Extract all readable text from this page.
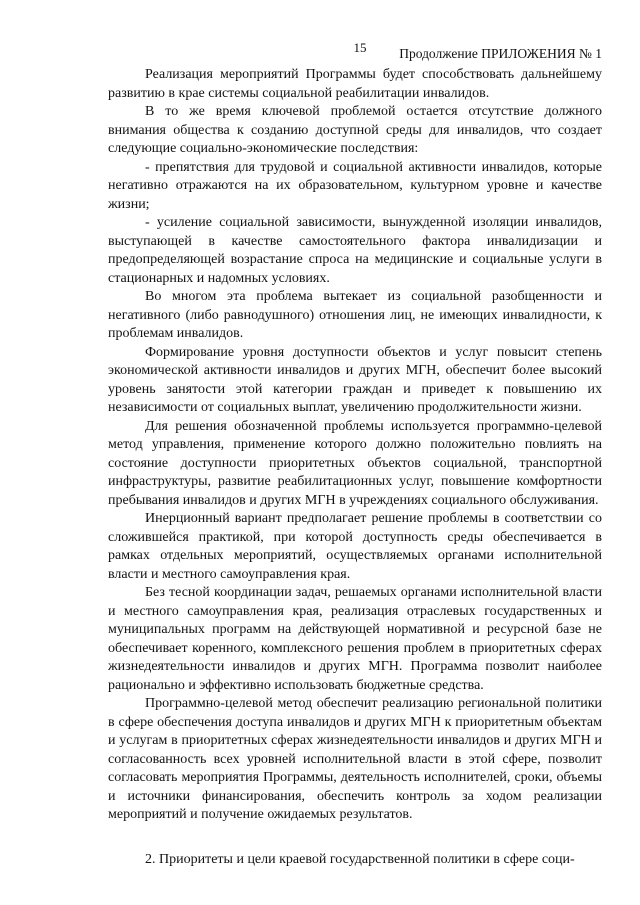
15	Продолжение ПРИЛОЖЕНИЯ № 1

Реализация мероприятий Программы будет способствовать дальнейшему развитию в крае системы социальной реабилитации инвалидов.

В то же время ключевой проблемой остается отсутствие должного внимания общества к созданию доступной среды для инвалидов, что создает следующие социально-экономические последствия:

- препятствия для трудовой и социальной активности инвалидов, которые негативно отражаются на их образовательном, культурном уровне и качестве жизни;

- усиление социальной зависимости, вынужденной изоляции инвалидов, выступающей в качестве самостоятельного фактора инвалидизации и предопределяющей возрастание спроса на медицинские и социальные услуги в стационарных и надомных условиях.

Во многом эта проблема вытекает из социальной разобщенности и негативного (либо равнодушного) отношения лиц, не имеющих инвалидности, к проблемам инвалидов.

Формирование уровня доступности объектов и услуг повысит степень экономической активности инвалидов и других МГН, обеспечит более высокий уровень занятости этой категории граждан и приведет к повышению их независимости от социальных выплат, увеличению продолжительности жизни.

Для решения обозначенной проблемы используется программно-целевой метод управления, применение которого должно положительно повлиять на состояние доступности приоритетных объектов социальной, транспортной инфраструктуры, развитие реабилитационных услуг, повышение комфортности пребывания инвалидов и других МГН в учреждениях социального обслуживания.

Инерционный вариант предполагает решение проблемы в соответствии со сложившейся практикой, при которой доступность среды обеспечивается в рамках отдельных мероприятий, осуществляемых органами исполнительной власти и местного самоуправления края.

Без тесной координации задач, решаемых органами исполнительной власти и местного самоуправления края, реализация отраслевых государственных и муниципальных программ на действующей нормативной и ресурсной базе не обеспечивает коренного, комплексного решения проблем в приоритетных сферах жизнедеятельности инвалидов и других МГН. Программа позволит наиболее рационально и эффективно использовать бюджетные средства.

Программно-целевой метод обеспечит реализацию региональной политики в сфере обеспечения доступа инвалидов и других МГН к приоритетным объектам и услугам в приоритетных сферах жизнедеятельности инвалидов и других МГН и согласованность всех уровней исполнительной власти в этой сфере, позволит согласовать мероприятия Программы, деятельность исполнителей, сроки, объемы и источники финансирования, обеспечить контроль за ходом реализации мероприятий и получение ожидаемых результатов.

2. Приоритеты и цели краевой государственной политики в сфере соци-
